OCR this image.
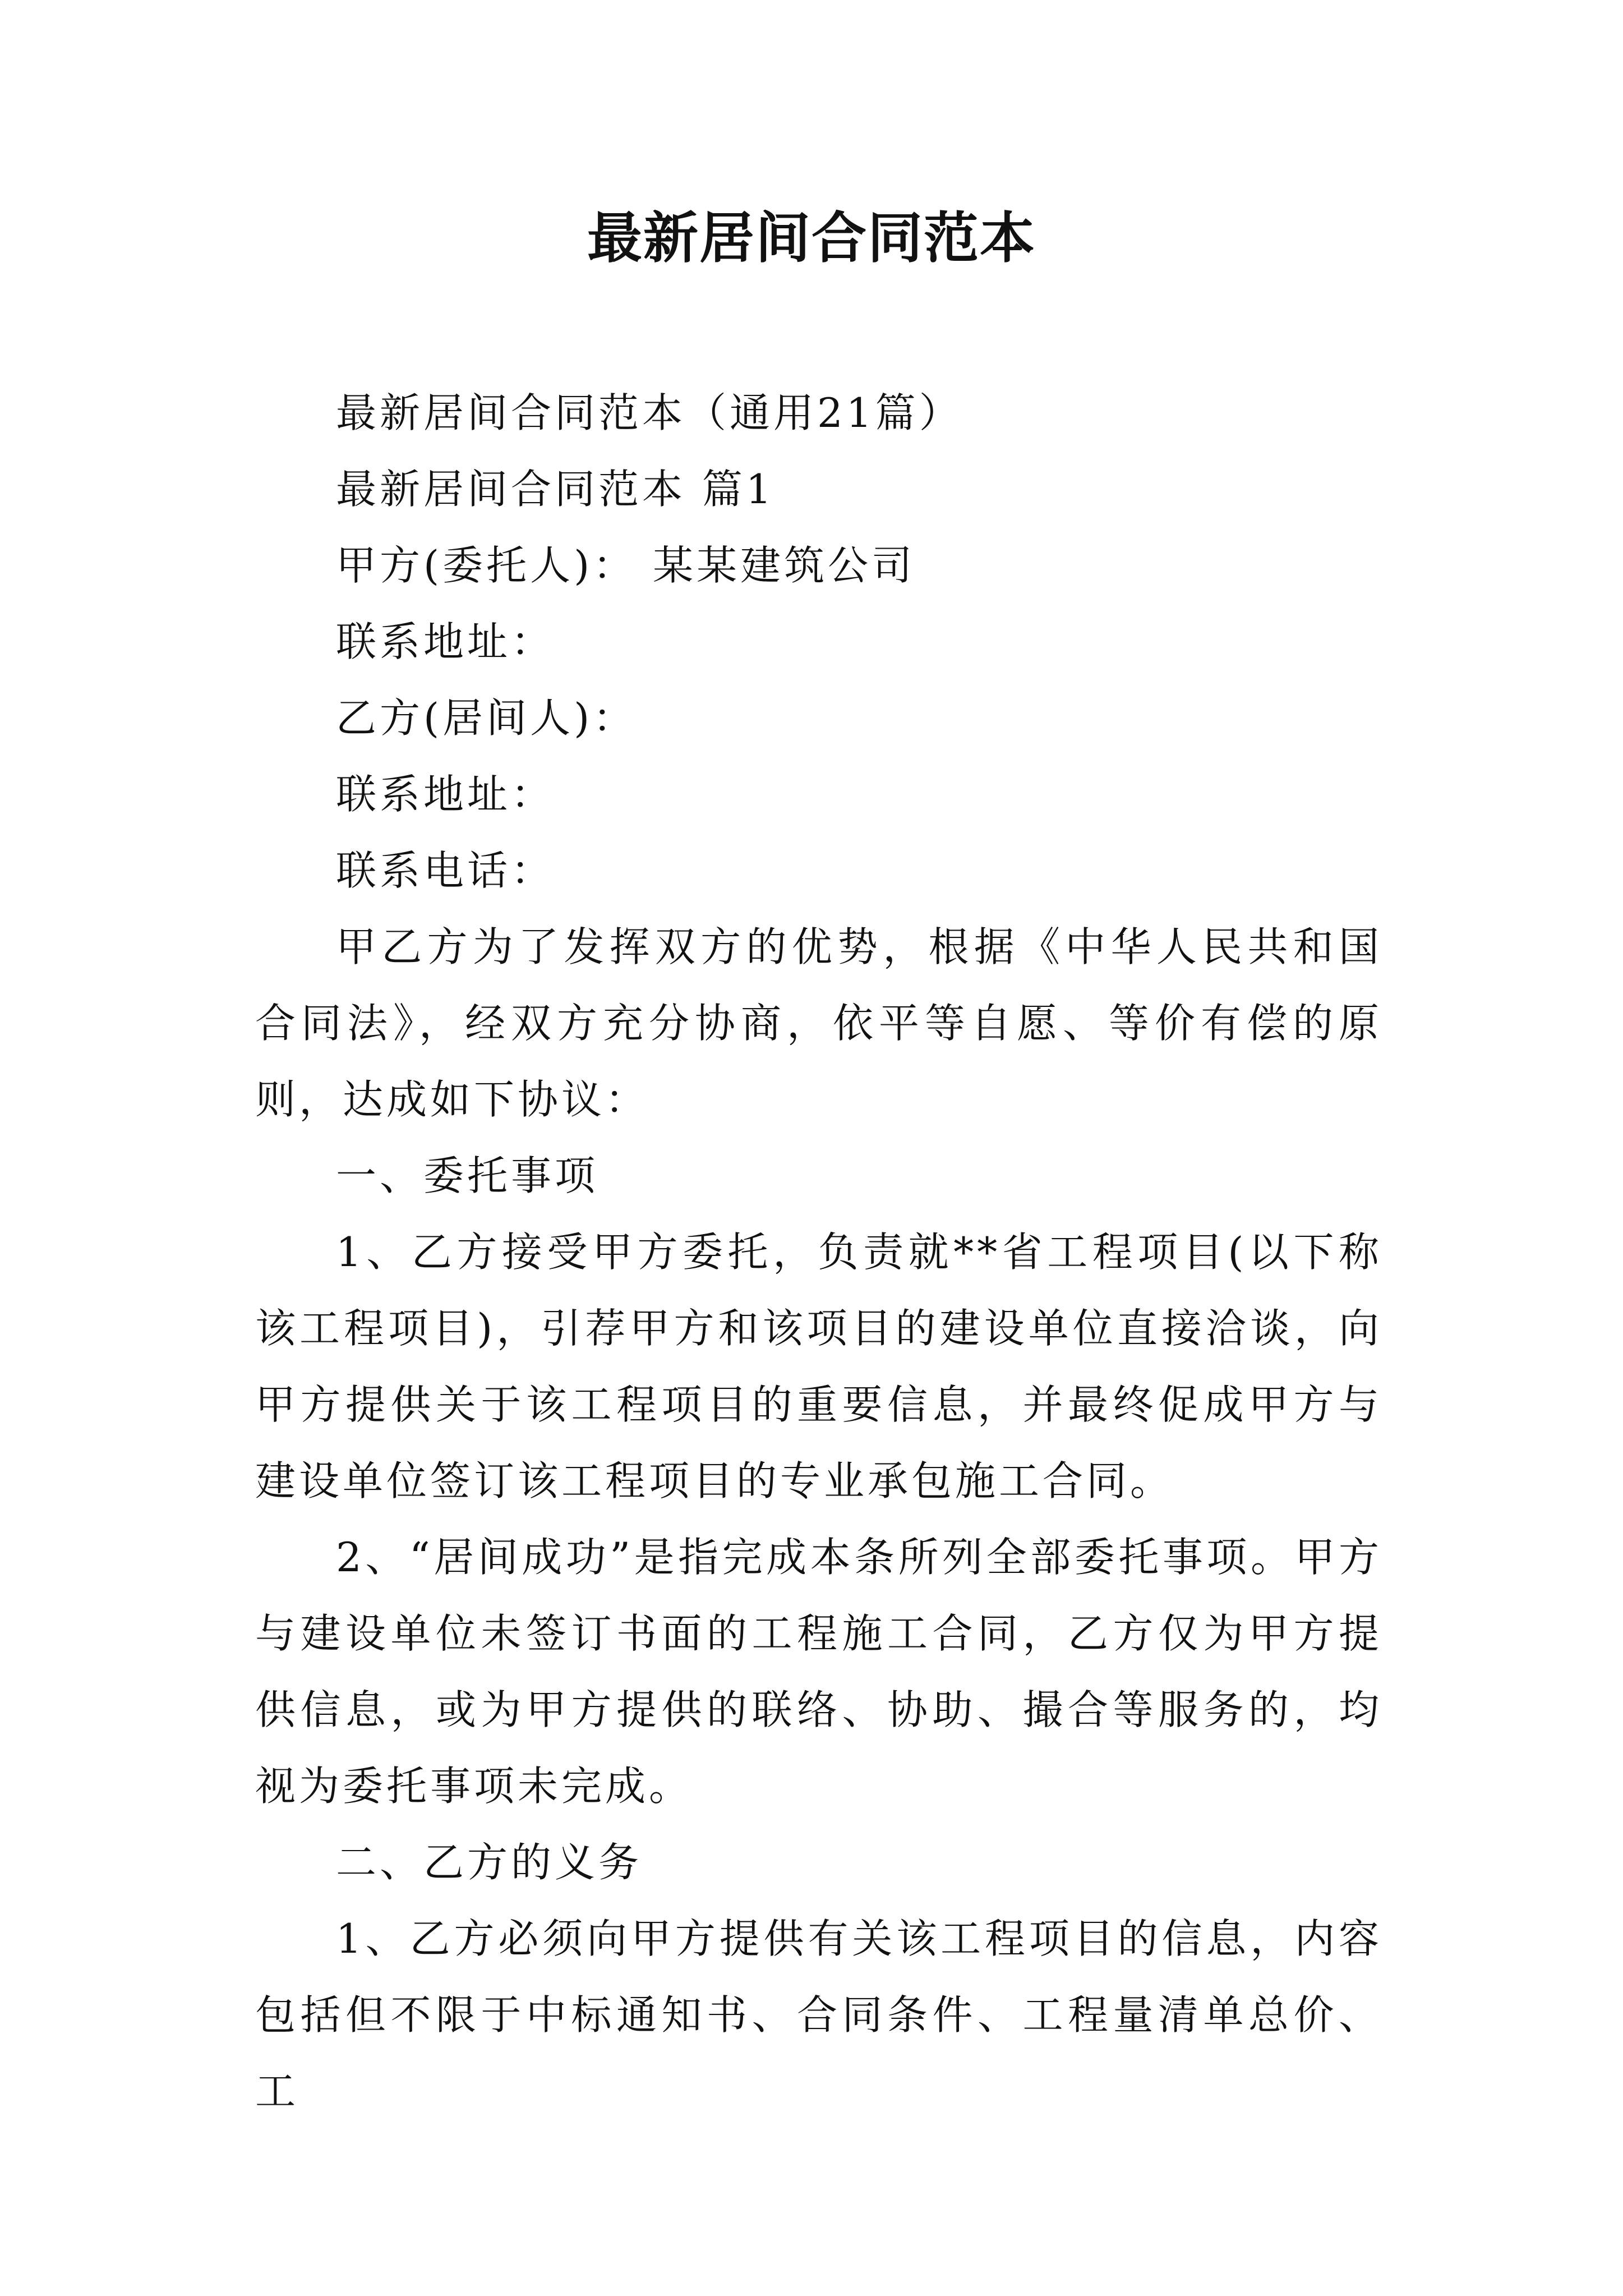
最新居间合同范本

最新居间合同范本（通用21篇）

最新居间合同范本 篇1

甲方(委托人)： 某某建筑公司

联系地址：

乙方(居间人)：

联系地址：

联系电话：

甲乙方为了发挥双方的优势，根据《中华人民共和国合同法》，经双方充分协商，依平等自愿、等价有偿的原则，达成如下协议：

一、委托事项

1、乙方接受甲方委托，负责就**省工程项目(以下称该工程项目)，引荐甲方和该项目的建设单位直接洽谈，向甲方提供关于该工程项目的重要信息，并最终促成甲方与建设单位签订该工程项目的专业承包施工合同。

2、“居间成功”是指完成本条所列全部委托事项。甲方与建设单位未签订书面的工程施工合同，乙方仅为甲方提供信息，或为甲方提供的联络、协助、撮合等服务的，均视为委托事项未完成。

二、乙方的义务

1、乙方必须向甲方提供有关该工程项目的信息，内容包括但不限于中标通知书、合同条件、工程量清单总价、工
